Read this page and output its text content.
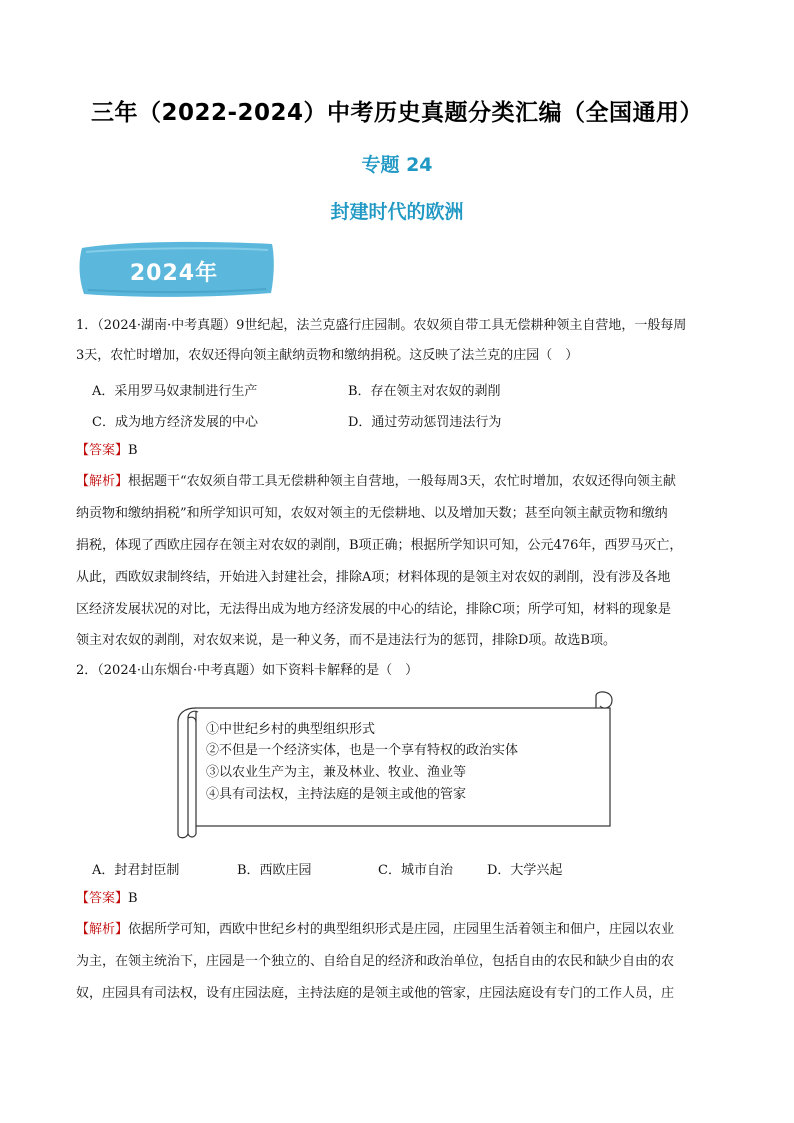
三年（2022-2024）中考历史真题分类汇编（全国通用）
专题 24
封建时代的欧洲
2024年
1．（2024·湖南·中考真题）9世纪起，法兰克盛行庄园制。农奴须自带工具无偿耕种领主自营地，一般每周
3天，农忙时增加，农奴还得向领主献纳贡物和缴纳捐税。这反映了法兰克的庄园（　）
A．采用罗马奴隶制进行生产	B．存在领主对农奴的剥削
C．成为地方经济发展的中心	D．通过劳动惩罚违法行为
【答案】B
【解析】根据题干“农奴须自带工具无偿耕种领主自营地，一般每周3天，农忙时增加，农奴还得向领主献
纳贡物和缴纳捐税”和所学知识可知，农奴对领主的无偿耕地、以及增加天数；甚至向领主献贡物和缴纳
捐税，体现了西欧庄园存在领主对农奴的剥削，B项正确；根据所学知识可知，公元476年，西罗马灭亡，
从此，西欧奴隶制终结，开始进入封建社会，排除A项；材料体现的是领主对农奴的剥削，没有涉及各地
区经济发展状况的对比，无法得出成为地方经济发展的中心的结论，排除C项；所学可知，材料的现象是
领主对农奴的剥削，对农奴来说，是一种义务，而不是违法行为的惩罚，排除D项。故选B项。
2．（2024·山东烟台·中考真题）如下资料卡解释的是（　）
①中世纪乡村的典型组织形式
②不但是一个经济实体，也是一个享有特权的政治实体
③以农业生产为主，兼及林业、牧业、渔业等
④具有司法权，主持法庭的是领主或他的管家
A．封君封臣制	B．西欧庄园	C．城市自治	D．大学兴起
【答案】B
【解析】依据所学可知，西欧中世纪乡村的典型组织形式是庄园，庄园里生活着领主和佃户，庄园以农业
为主，在领主统治下，庄园是一个独立的、自给自足的经济和政治单位，包括自由的农民和缺少自由的农
奴，庄园具有司法权，设有庄园法庭，主持法庭的是领主或他的管家，庄园法庭设有专门的工作人员，庄
